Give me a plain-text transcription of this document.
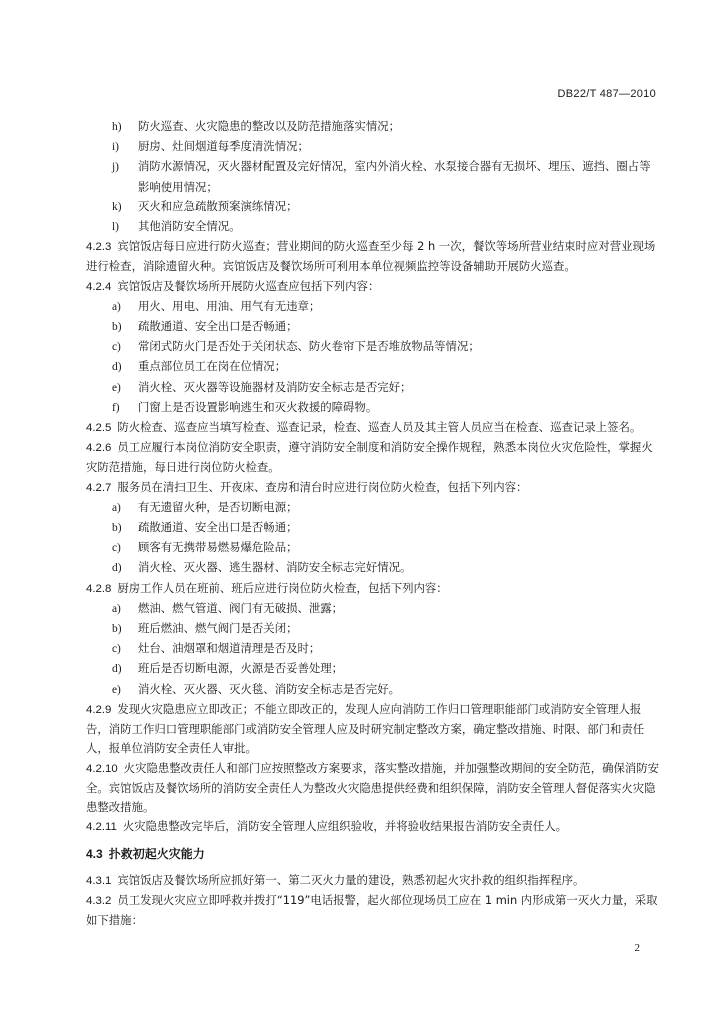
DB22/T 487—2010

h) 防火巡查、火灾隐患的整改以及防范措施落实情况；

i) 厨房、灶间烟道每季度清洗情况；

j) 消防水源情况，灭火器材配置及完好情况，室内外消火栓、水泵接合器有无损坏、埋压、遮挡、圈占等影响使用情况；

k) 灭火和应急疏散预案演练情况；

l) 其他消防安全情况。

4.2.3 宾馆饭店每日应进行防火巡查；营业期间的防火巡查至少每 2 h 一次，餐饮等场所营业结束时应对营业现场进行检查，消除遗留火种。宾馆饭店及餐饮场所可利用本单位视频监控等设备辅助开展防火巡查。

4.2.4 宾馆饭店及餐饮场所开展防火巡查应包括下列内容：

a) 用火、用电、用油、用气有无违章；

b) 疏散通道、安全出口是否畅通；

c) 常闭式防火门是否处于关闭状态、防火卷帘下是否堆放物品等情况；

d) 重点部位员工在岗在位情况；

e) 消火栓、灭火器等设施器材及消防安全标志是否完好；

f) 门窗上是否设置影响逃生和灭火救援的障碍物。

4.2.5 防火检查、巡查应当填写检查、巡查记录，检查、巡查人员及其主管人员应当在检查、巡查记录上签名。

4.2.6 员工应履行本岗位消防安全职责，遵守消防安全制度和消防安全操作规程，熟悉本岗位火灾危险性，掌握火灾防范措施，每日进行岗位防火检查。

4.2.7 服务员在清扫卫生、开夜床、查房和清台时应进行岗位防火检查，包括下列内容：

a) 有无遗留火种，是否切断电源；

b) 疏散通道、安全出口是否畅通；

c) 顾客有无携带易燃易爆危险品；

d) 消火栓、灭火器、逃生器材、消防安全标志完好情况。

4.2.8 厨房工作人员在班前、班后应进行岗位防火检查，包括下列内容：

a) 燃油、燃气管道、阀门有无破损、泄露；

b) 班后燃油、燃气阀门是否关闭；

c) 灶台、油烟罩和烟道清理是否及时；

d) 班后是否切断电源，火源是否妥善处理；

e) 消火栓、灭火器、灭火毯、消防安全标志是否完好。

4.2.9 发现火灾隐患应立即改正；不能立即改正的，发现人应向消防工作归口管理职能部门或消防安全管理人报告，消防工作归口管理职能部门或消防安全管理人应及时研究制定整改方案，确定整改措施、时限、部门和责任人，报单位消防安全责任人审批。

4.2.10 火灾隐患整改责任人和部门应按照整改方案要求，落实整改措施，并加强整改期间的安全防范，确保消防安全。宾馆饭店及餐饮场所的消防安全责任人为整改火灾隐患提供经费和组织保障，消防安全管理人督促落实火灾隐患整改措施。

4.2.11 火灾隐患整改完毕后，消防安全管理人应组织验收，并将验收结果报告消防安全责任人。

4.3 扑救初起火灾能力

4.3.1 宾馆饭店及餐饮场所应抓好第一、第二灭火力量的建设，熟悉初起火灾扑救的组织指挥程序。

4.3.2 员工发现火灾应立即呼救并拨打“119”电话报警，起火部位现场员工应在 1 min 内形成第一灭火力量，采取如下措施：

2
